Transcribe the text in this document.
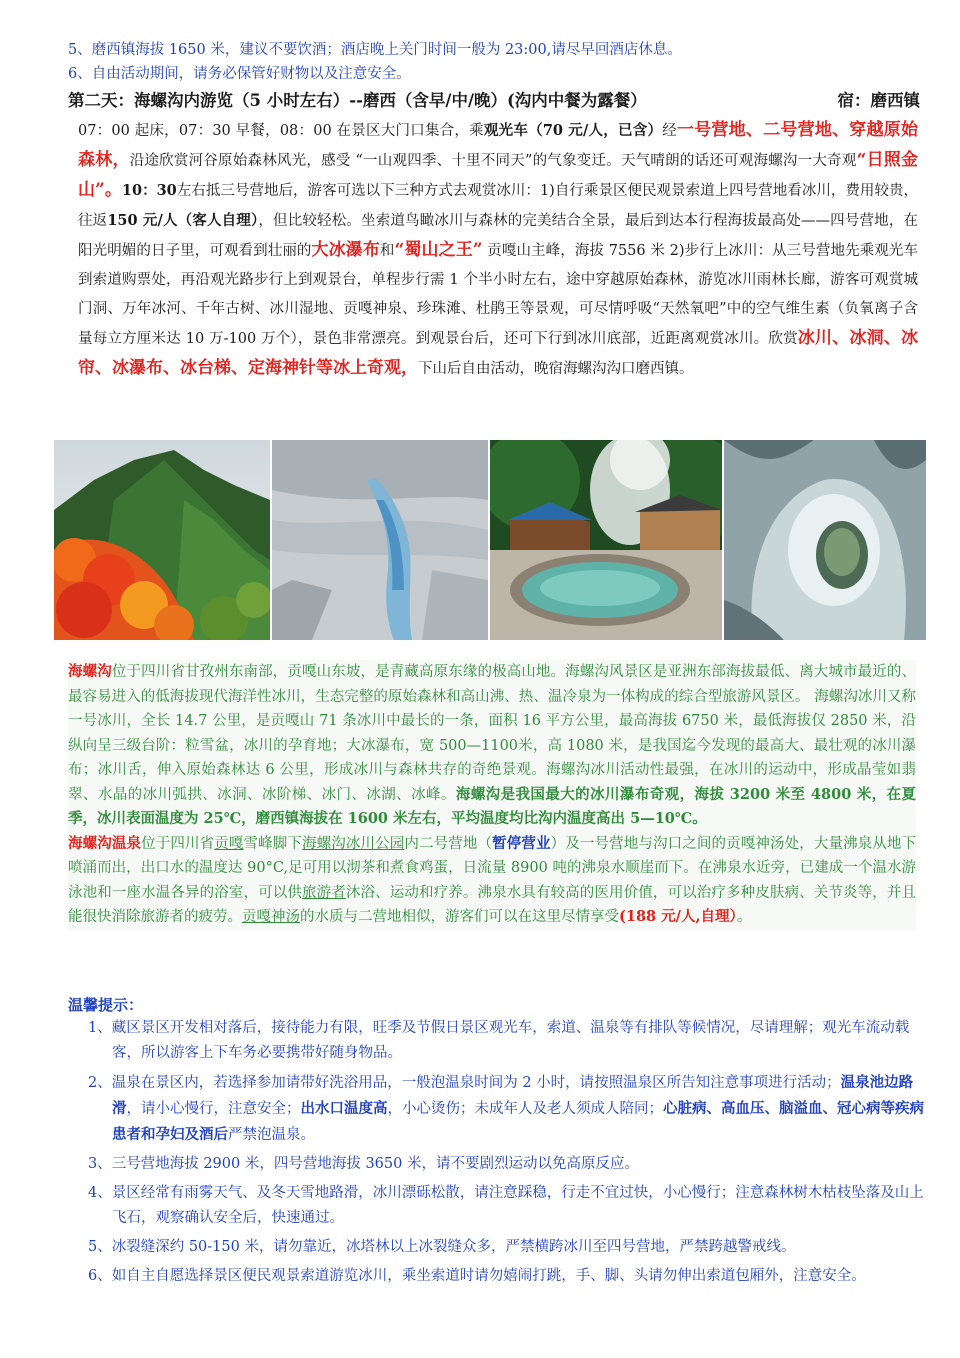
5、磨西镇海拔 1650 米，建议不要饮酒；酒店晚上关门时间一般为 23:00,请尽早回酒店休息。
6、自由活动期间，请务必保管好财物以及注意安全。
第二天：海螺沟内游览（5 小时左右）--磨西（含早/中/晚）(沟内中餐为露餐）	宿：磨西镇
07：00 起床，07：30 早餐，08：00 在景区大门口集合，乘观光车（70 元/人，已含）经一号营地、二号营地、穿越原始森林，沿途欣赏河谷原始森林风光，感受 “一山观四季、十里不同天”的气象变迁。天气晴朗的话还可观海螺沟一大奇观“日照金山”。10：30左右抵三号营地后，游客可选以下三种方式去观赏冰川：1)自行乘景区便民观景索道上四号营地看冰川，费用较贵，往返150 元/人（客人自理），但比较轻松。坐索道鸟瞰冰川与森林的完美结合全景，最后到达本行程海拔最高处——四号营地，在阳光明媚的日子里，可观看到壮丽的大冰瀑布和“蜀山之王” 贡嘎山主峰，海拔 7556 米 2)步行上冰川：从三号营地先乘观光车到索道购票处，再沿观光路步行上到观景台，单程步行需 1 个半小时左右，途中穿越原始森林，游览冰川雨林长廊，游客可观赏城门洞、万年冰河、千年古树、冰川湿地、贡嘎神泉、珍珠滩、杜鹃王等景观，可尽情呼吸“天然氧吧”中的空气维生素（负氧离子含量每立方厘米达 10 万-100 万个），景色非常漂亮。到观景台后，还可下行到冰川底部，近距离观赏冰川。欣赏冰川、冰洞、冰帘、冰瀑布、冰台梯、定海神针等冰上奇观，下山后自由活动，晚宿海螺沟沟口磨西镇。
海螺沟位于四川省甘孜州东南部，贡嘎山东坡，是青藏高原东缘的极高山地。海螺沟风景区是亚洲东部海拔最低、离大城市最近的、最容易进入的低海拔现代海洋性冰川，生态完整的原始森林和高山沸、热、温冷泉为一体构成的综合型旅游风景区。 海螺沟冰川又称一号冰川，全长 14.7 公里，是贡嘎山 71 条冰川中最长的一条，面积 16 平方公里，最高海拔 6750 米，最低海拔仅 2850 米，沿纵向呈三级台阶：粒雪盆，冰川的孕育地；大冰瀑布，宽 500—1100米，高 1080 米，是我国迄今发现的最高大、最壮观的冰川瀑布；冰川舌，伸入原始森林达 6 公里，形成冰川与森林共存的奇绝景观。海螺沟冰川活动性最强，在冰川的运动中，形成晶莹如翡翠、水晶的冰川弧拱、冰洞、冰阶梯、冰门、冰湖、冰峰。海螺沟是我国最大的冰川瀑布奇观，海拔 3200 米至 4800 米，在夏季，冰川表面温度为 25℃，磨西镇海拔在 1600 米左右，平均温度均比沟内温度高出 5—10℃。
海螺沟温泉位于四川省贡嘎雪峰脚下海螺沟冰川公园内二号营地（暂停营业）及一号营地与沟口之间的贡嘎神汤处，大量沸泉从地下喷涌而出，出口水的温度达 90°C,足可用以沏茶和煮食鸡蛋，日流量 8900 吨的沸泉水顺崖而下。在沸泉水近旁，已建成一个温水游泳池和一座水温各异的浴室，可以供旅游者沐浴、运动和疗养。沸泉水具有较高的医用价值，可以治疗多种皮肤病、关节炎等，并且能很快消除旅游者的疲劳。贡嘎神汤的水质与二营地相似，游客们可以在这里尽情享受(188 元/人,自理）。
温馨提示：
1、藏区景区开发相对落后，接待能力有限，旺季及节假日景区观光车，索道、温泉等有排队等候情况，尽请理解；观光车流动载客，所以游客上下车务必要携带好随身物品。
2、温泉在景区内，若选择参加请带好洗浴用品，一般泡温泉时间为 2 小时，请按照温泉区所告知注意事项进行活动；温泉池边路滑，请小心慢行，注意安全；出水口温度高，小心烫伤；未成年人及老人须成人陪同；心脏病、高血压、脑溢血、冠心病等疾病患者和孕妇及酒后严禁泡温泉。
3、三号营地海拔 2900 米，四号营地海拔 3650 米，请不要剧烈运动以免高原反应。
4、景区经常有雨雾天气、及冬天雪地路滑，冰川漂砾松散，请注意踩稳，行走不宜过快，小心慢行；注意森林树木枯枝坠落及山上飞石，观察确认安全后，快速通过。
5、冰裂缝深约 50-150 米，请勿靠近，冰塔林以上冰裂缝众多，严禁横跨冰川至四号营地，严禁跨越警戒线。
6、如自主自愿选择景区便民观景索道游览冰川，乘坐索道时请勿嬉闹打跳，手、脚、头请勿伸出索道包厢外，注意安全。
